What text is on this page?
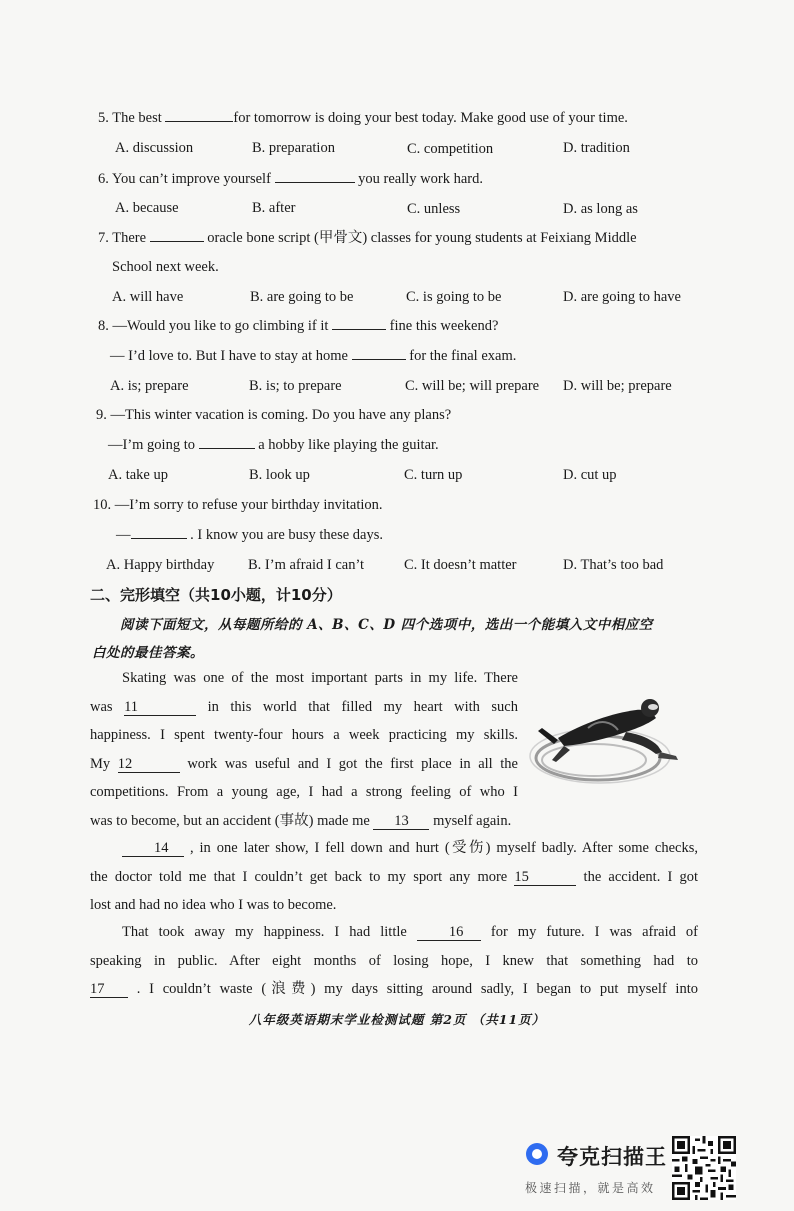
5. The best	for tomorrow is doing your best today. Make good use of your time.
A. discussion	B. preparation	C. competition	D. tradition
6. You can’t improve yourself	you really work hard.
A. because	B. after	C. unless	D. as long as
7. There	oracle bone script (甲骨文) classes for young students at Feixiang Middle
School next week.
A. will have	B. are going to be	C. is going to be	D. are going to have
8. —Would you like to go climbing if it	fine this weekend?
— I’d love to. But I have to stay at home	for the final exam.
A. is; prepare	B. is; to prepare	C. will be; will prepare D. will be; prepare
9. —This winter vacation is coming. Do you have any plans?
—I’m going to	a hobby like playing the guitar.
A. take up	B. look up	C. turn up	D. cut up
10. —I’m sorry to refuse your birthday invitation.
—	. I know you are busy these days.
A. Happy birthday B. I’m afraid I can’t	C. It doesn’t matter	D. That’s too bad
二、完形填空（共10小题，计10分）
阅读下面短文，从每题所给的 A、B、C、D 四个选项中，选出一个能填入文中相应空
白处的最佳答案。
Skating was one of the most important parts in my life. There
was 11	in this world that filled my heart with such
happiness. I spent twenty-four hours a week practicing my skills.
My 12	work was useful and I got the first place in all the
competitions. From a young age, I had a strong feeling of who I
was to become, but an accident (事故) made me 13 myself again.
14 , in one later show, I fell down and hurt (受伤) myself badly. After some checks,
the doctor told me that I couldn’t get back to my sport any more 15	the accident. I got
lost and had no idea who I was to become.
That took away my happiness. I had little 16 for my future. I was afraid of
speaking in public. After eight months of losing hope, I knew that something had to
17 . I couldn’t waste (浪费) my days sitting around sadly, I began to put myself into
八年级英语期末学业检测试题 第2页 （共11页）
夸克扫描王
极速扫描，就是高效
